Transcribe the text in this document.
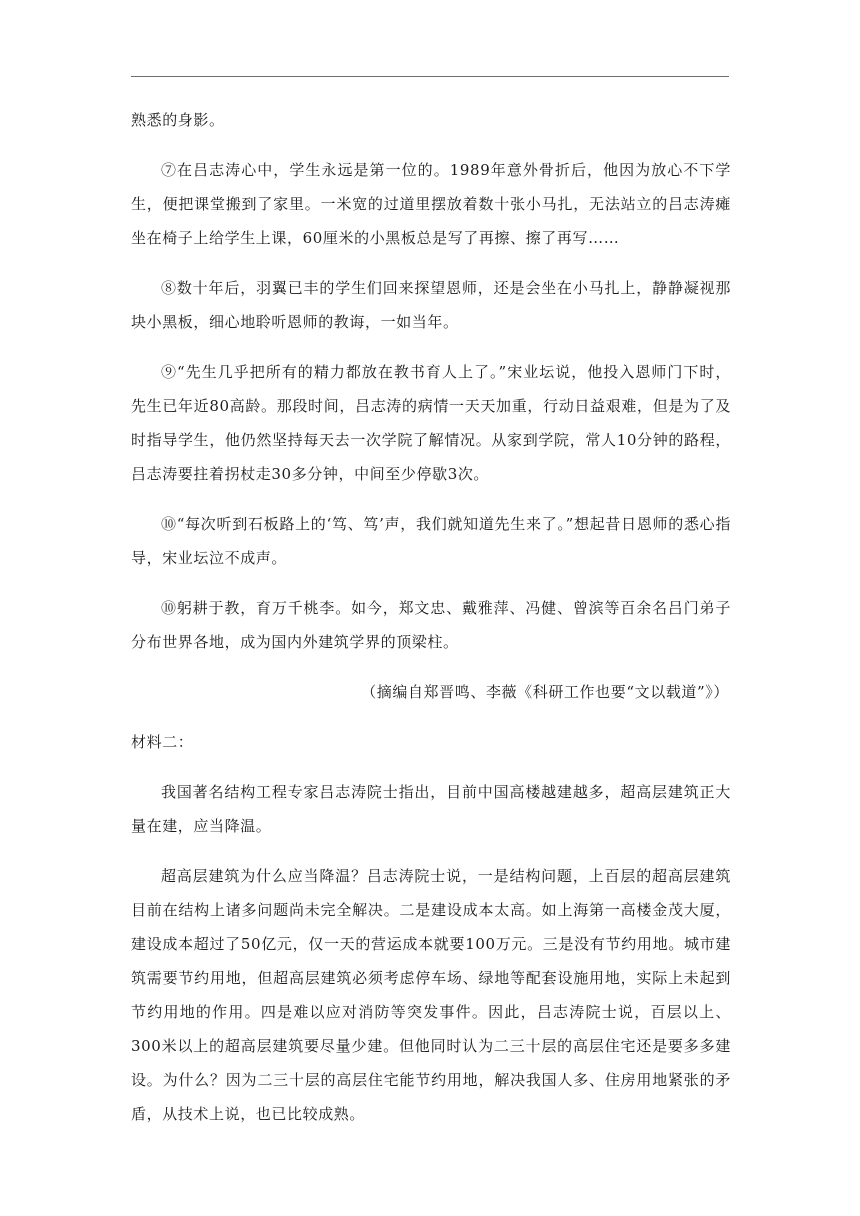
熟悉的身影。

⑦在吕志涛心中，学生永远是第一位的。1989年意外骨折后，他因为放心不下学生，便把课堂搬到了家里。一米宽的过道里摆放着数十张小马扎，无法站立的吕志涛瘫坐在椅子上给学生上课，60厘米的小黑板总是写了再擦、擦了再写……

⑧数十年后，羽翼已丰的学生们回来探望恩师，还是会坐在小马扎上，静静凝视那块小黑板，细心地聆听恩师的教诲，一如当年。

⑨“先生几乎把所有的精力都放在教书育人上了。”宋业坛说，他投入恩师门下时，先生已年近80高龄。那段时间，吕志涛的病情一天天加重，行动日益艰难，但是为了及时指导学生，他仍然坚持每天去一次学院了解情况。从家到学院，常人10分钟的路程，吕志涛要拄着拐杖走30多分钟，中间至少停歇3次。

⑩“每次听到石板路上的‘笃、笃’声，我们就知道先生来了。”想起昔日恩师的悉心指导，宋业坛泣不成声。

⑩躬耕于教，育万千桃李。如今，郑文忠、戴雅萍、冯健、曾滨等百余名吕门弟子分布世界各地，成为国内外建筑学界的顶梁柱。

（摘编自郑晋鸣、李薇《科研工作也要“文以载道”》）

材料二：

我国著名结构工程专家吕志涛院士指出，目前中国高楼越建越多，超高层建筑正大量在建，应当降温。

超高层建筑为什么应当降温？吕志涛院士说，一是结构问题，上百层的超高层建筑目前在结构上诸多问题尚未完全解决。二是建设成本太高。如上海第一高楼金茂大厦，建设成本超过了50亿元，仅一天的营运成本就要100万元。三是没有节约用地。城市建筑需要节约用地，但超高层建筑必须考虑停车场、绿地等配套设施用地，实际上未起到节约用地的作用。四是难以应对消防等突发事件。因此，吕志涛院士说，百层以上、300米以上的超高层建筑要尽量少建。但他同时认为二三十层的高层住宅还是要多多建设。为什么？因为二三十层的高层住宅能节约用地，解决我国人多、住房用地紧张的矛盾，从技术上说，也已比较成熟。
